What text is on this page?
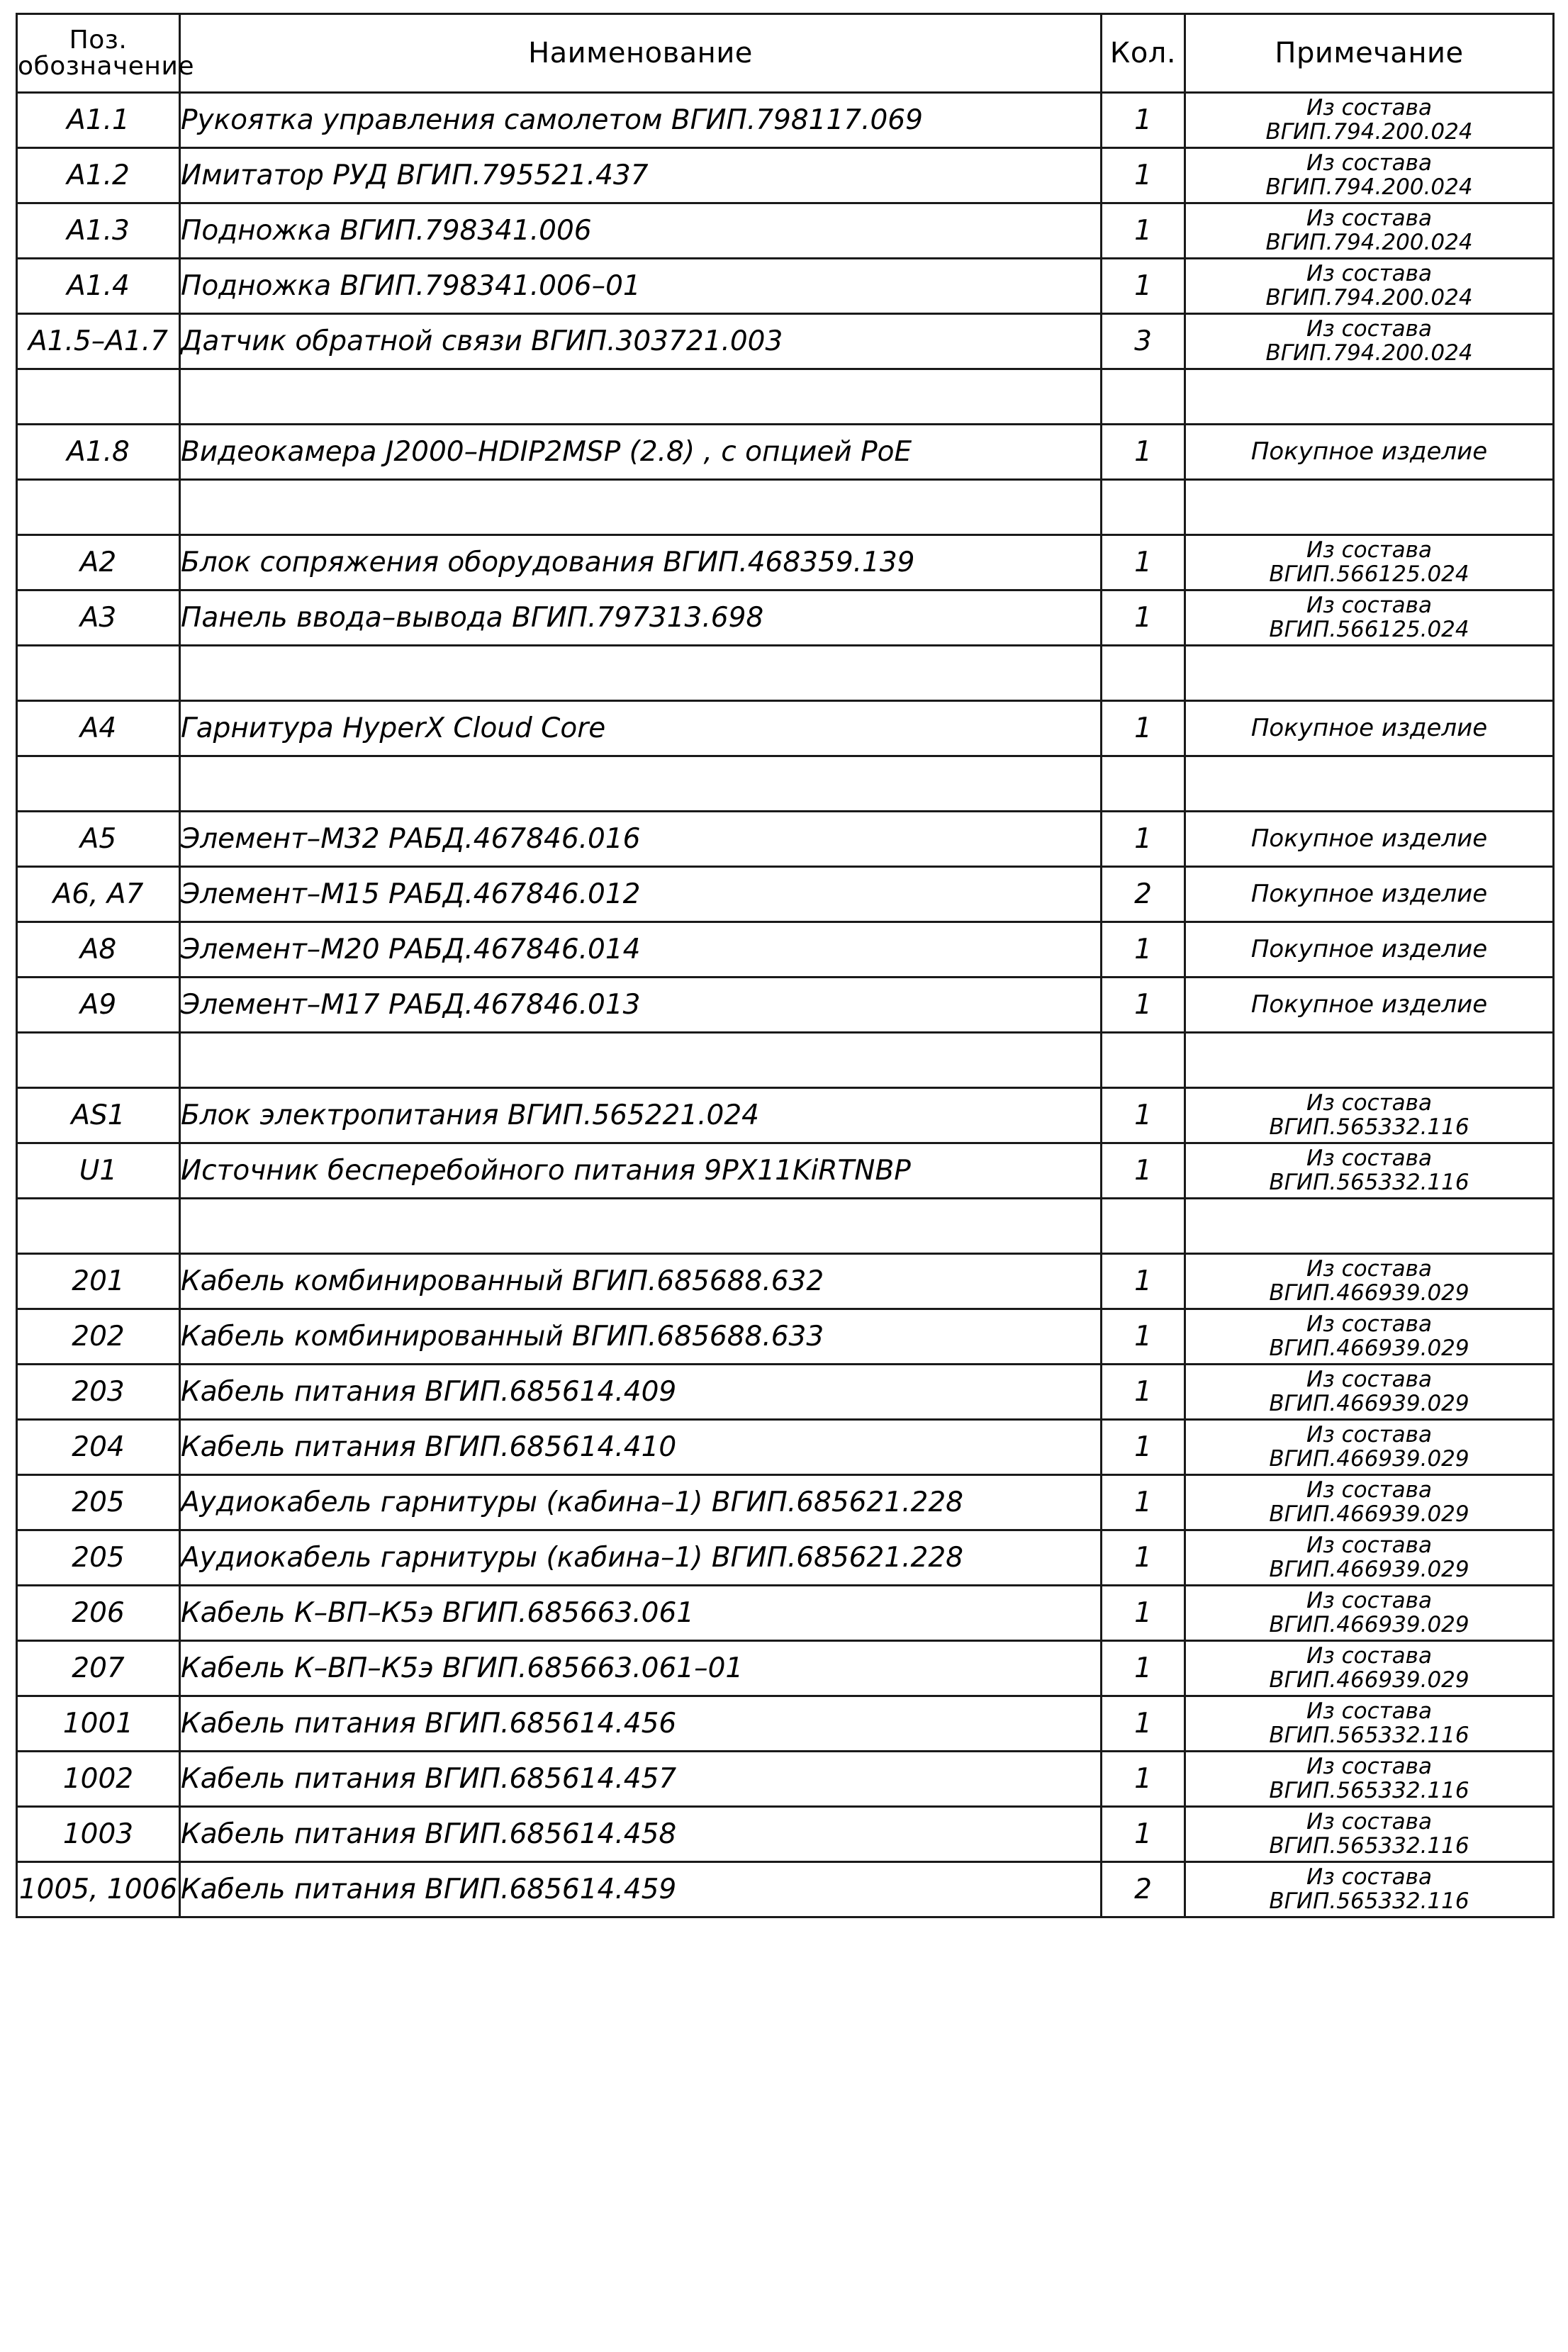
Поз.
обозначение	Наименование	Кол.	Примечание
A1.1	Рукоятка управления самолетом ВГИП.798117.069	1	Из состава
ВГИП.794.200.024

A1.2	Имитатор РУД ВГИП.795521.437	1	Из состава
ВГИП.794.200.024

A1.3	Подножка ВГИП.798341.006	1	Из состава
ВГИП.794.200.024

A1.4	Подножка ВГИП.798341.006–01	1	Из состава
ВГИП.794.200.024

A1.5–A1.7	Датчик обратной связи ВГИП.303721.003	3	Из состава
ВГИП.794.200.024

A1.8	Видеокамера J2000–HDIP2MSP (2.8) , с опцией PoE	1	Покупное изделие

A2	Блок сопряжения оборудования ВГИП.468359.139	1	Из состава
ВГИП.566125.024

A3	Панель ввода–вывода ВГИП.797313.698	1	Из состава
ВГИП.566125.024

A4	Гарнитура HyperX Cloud Core	1	Покупное изделие

A5	Элемент–М32 РАБД.467846.016	1	Покупное изделие
A6, A7	Элемент–М15 РАБД.467846.012	2	Покупное изделие
A8	Элемент–М20 РАБД.467846.014	1	Покупное изделие
A9	Элемент–М17 РАБД.467846.013	1	Покупное изделие

AS1	Блок электропитания ВГИП.565221.024	1	Из состава
ВГИП.565332.116

U1	Источник бесперебойного питания 9PX11KiRTNBP	1	Из состава
ВГИП.565332.116

201	Кабель комбинированный ВГИП.685688.632	1	Из состава
ВГИП.466939.029

202	Кабель комбинированный ВГИП.685688.633	1	Из состава
ВГИП.466939.029

203	Кабель питания ВГИП.685614.409	1	Из состава
ВГИП.466939.029

204	Кабель питания ВГИП.685614.410	1	Из состава
ВГИП.466939.029

205	Аудиокабель гарнитуры (кабина–1) ВГИП.685621.228	1	Из состава
ВГИП.466939.029

205	Аудиокабель гарнитуры (кабина–1) ВГИП.685621.228	1	Из состава
ВГИП.466939.029

206	Кабель К–ВП–К5э ВГИП.685663.061	1	Из состава
ВГИП.466939.029

207	Кабель К–ВП–К5э ВГИП.685663.061–01	1	Из состава
ВГИП.466939.029

1001	Кабель питания ВГИП.685614.456	1	Из состава
ВГИП.565332.116

1002	Кабель питания ВГИП.685614.457	1	Из состава
ВГИП.565332.116

1003	Кабель питания ВГИП.685614.458	1	Из состава
ВГИП.565332.116

1005, 1006	Кабель питания ВГИП.685614.459	2	Из состава
ВГИП.565332.116
